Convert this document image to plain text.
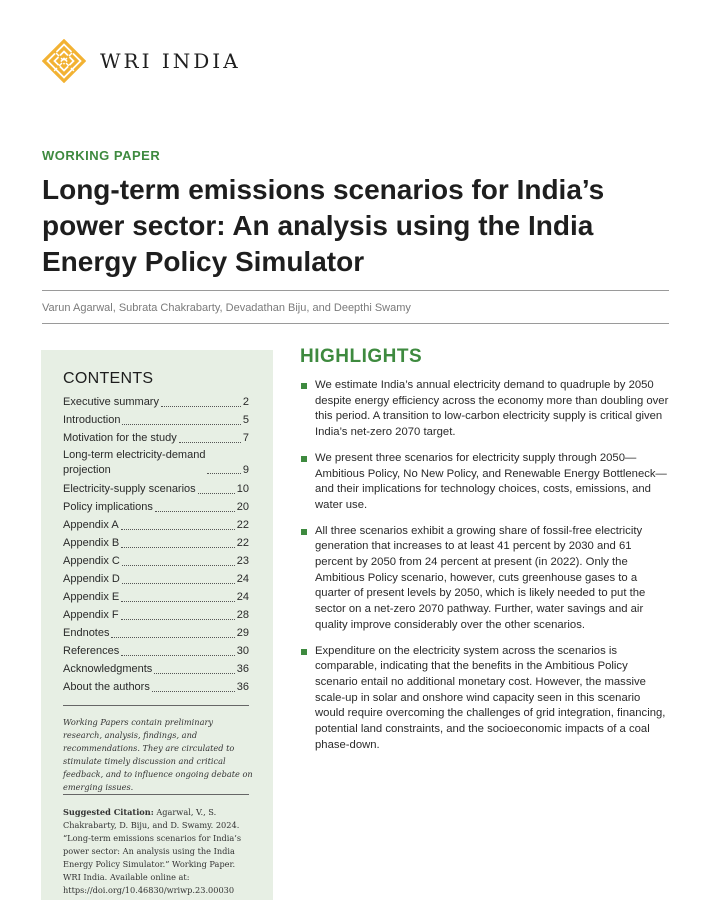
WRI INDIA
WORKING PAPER
Long-term emissions scenarios for India’s
power sector: An analysis using the India
Energy Policy Simulator
Varun Agarwal, Subrata Chakrabarty, Devadathan Biju, and Deepthi Swamy
CONTENTS
Executive summary	2
Introduction	5
Motivation for the study	7
Long-term electricity-demand
projection	9
Electricity-supply scenarios	10
Policy implications	20
Appendix A	22
Appendix B	22
Appendix C	23
Appendix D	24
Appendix E	24
Appendix F	28
Endnotes	29
References	30
Acknowledgments	36
About the authors	36
Working Papers contain preliminary research, analysis, findings, and recommendations. They are circulated to stimulate timely discussion and critical feedback, and to influence ongoing debate on emerging issues.
Suggested Citation: Agarwal, V., S. Chakrabarty, D. Biju, and D. Swamy. 2024. “Long-term emissions scenarios for India’s power sector: An analysis using the India Energy Policy Simulator.” Working Paper. WRI India. Available online at: https://doi.org/10.46830/wriwp.23.00030
HIGHLIGHTS
We estimate India’s annual electricity demand to quadruple by 2050 despite energy efficiency across the economy more than doubling over this period. A transition to low-carbon electricity supply is critical given India’s net-zero 2070 target.
We present three scenarios for electricity supply through 2050—Ambitious Policy, No New Policy, and Renewable Energy Bottleneck—and their implications for technology choices, costs, emissions, and water use.
All three scenarios exhibit a growing share of fossil-free electricity generation that increases to at least 41 percent by 2030 and 61 percent by 2050 from 24 percent at present (in 2022). Only the Ambitious Policy scenario, however, cuts greenhouse gases to a quarter of present levels by 2050, which is likely needed to put the sector on a net-zero 2070 pathway. Further, water savings and air quality improve considerably over the other scenarios.
Expenditure on the electricity system across the scenarios is comparable, indicating that the benefits in the Ambitious Policy scenario entail no additional monetary cost. However, the massive scale-up in solar and onshore wind capacity seen in this scenario would require overcoming the challenges of grid integration, financing, potential land constraints, and the socioeconomic impacts of a coal phase-down.
